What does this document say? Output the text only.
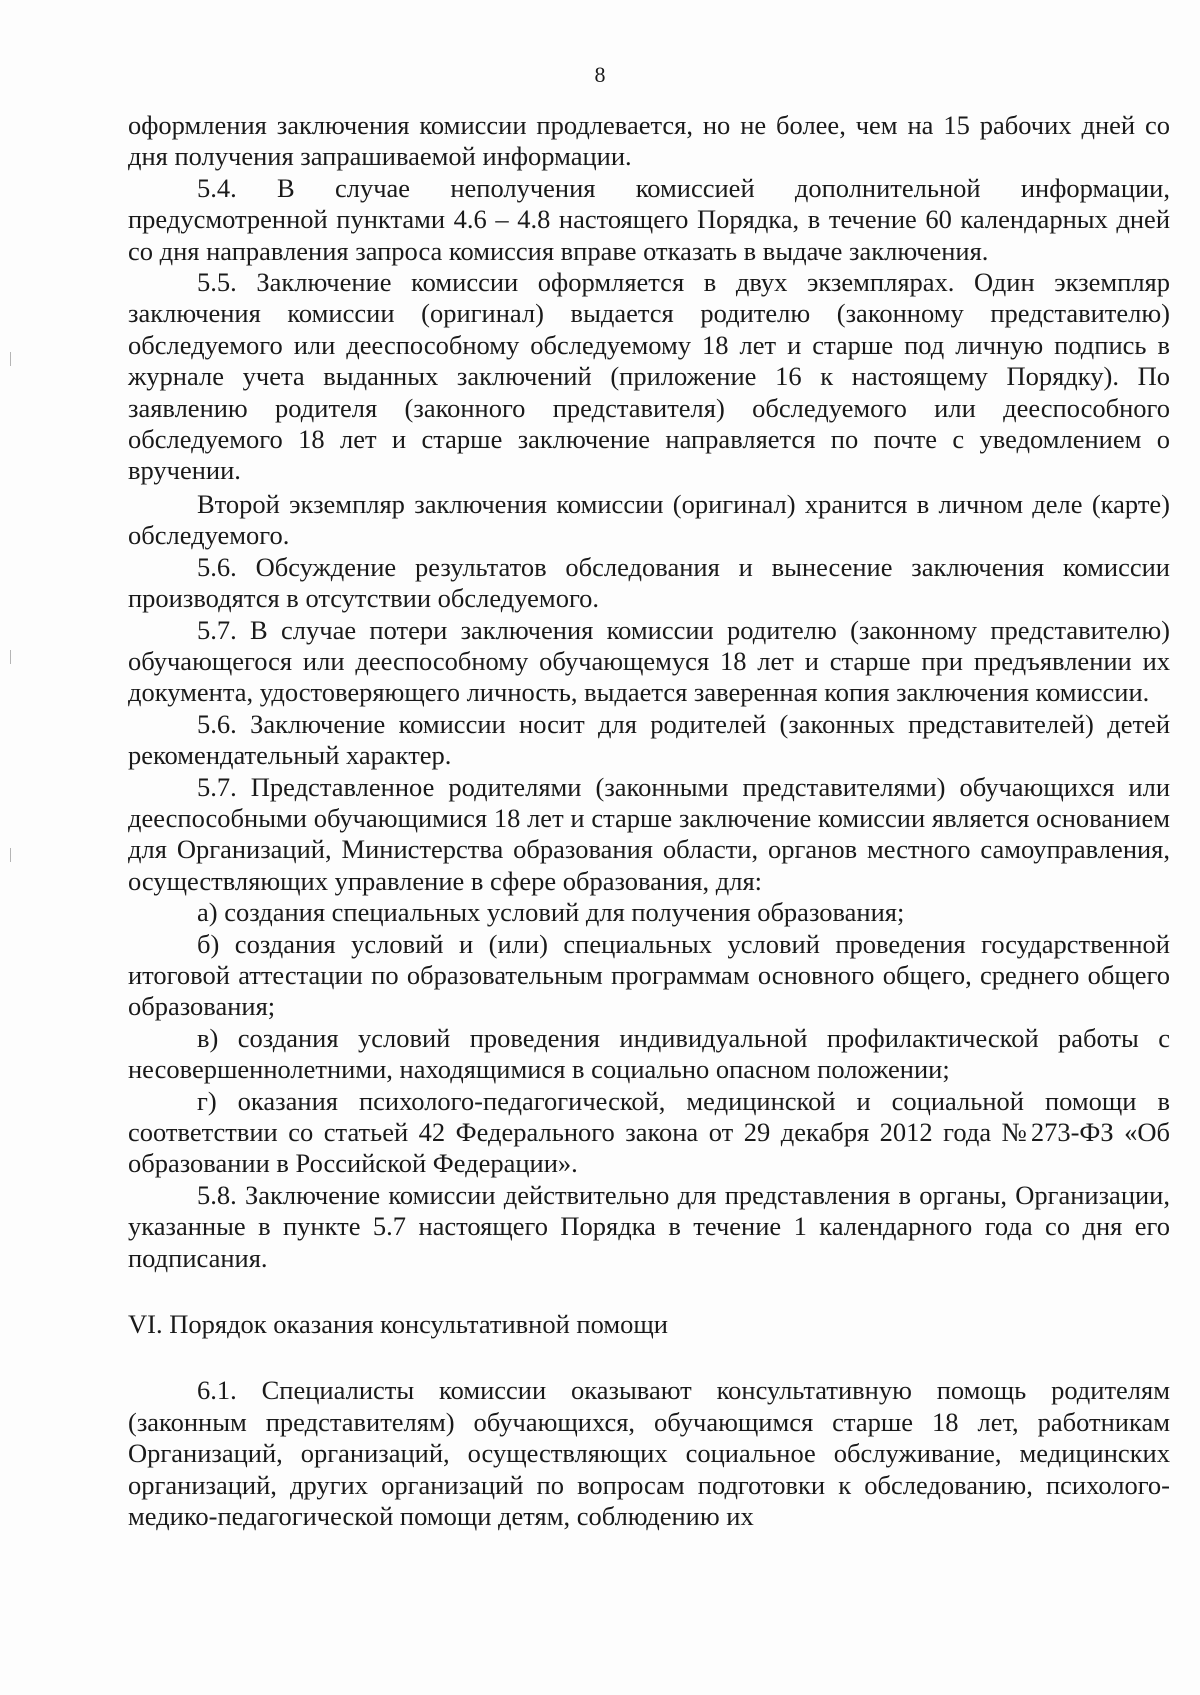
8

оформления заключения комиссии продлевается, но не более, чем на 15 рабочих дней со дня получения запрашиваемой информации.

5.4. В случае неполучения комиссией дополнительной информации, предусмотренной пунктами 4.6 – 4.8 настоящего Порядка, в течение 60 календарных дней со дня направления запроса комиссия вправе отказать в выдаче заключения.

5.5. Заключение комиссии оформляется в двух экземплярах. Один экземпляр заключения комиссии (оригинал) выдается родителю (законному представителю) обследуемого или дееспособному обследуемому 18 лет и старше под личную подпись в журнале учета выданных заключений (приложение 16 к настоящему Порядку). По заявлению родителя (законного представителя) обследуемого или дееспособного обследуемого 18 лет и старше заключение направляется по почте с уведомлением о вручении.

Второй экземпляр заключения комиссии (оригинал) хранится в личном деле (карте) обследуемого.

5.6. Обсуждение результатов обследования и вынесение заключения комиссии производятся в отсутствии обследуемого.

5.7. В случае потери заключения комиссии родителю (законному представителю) обучающегося или дееспособному обучающемуся 18 лет и старше при предъявлении их документа, удостоверяющего личность, выдается заверенная копия заключения комиссии.

5.6. Заключение комиссии носит для родителей (законных представителей) детей рекомендательный характер.

5.7. Представленное родителями (законными представителями) обучающихся или дееспособными обучающимися 18 лет и старше заключение комиссии является основанием для Организаций, Министерства образования области, органов местного самоуправления, осуществляющих управление в сфере образования, для:

а) создания специальных условий для получения образования;

б) создания условий и (или) специальных условий проведения государственной итоговой аттестации по образовательным программам основного общего, среднего общего образования;

в) создания условий проведения индивидуальной профилактической работы с несовершеннолетними, находящимися в социально опасном положении;

г) оказания психолого-педагогической, медицинской и социальной помощи в соответствии со статьей 42 Федерального закона от 29 декабря 2012 года №273-ФЗ «Об образовании в Российской Федерации».

5.8. Заключение комиссии действительно для представления в органы, Организации, указанные в пункте 5.7 настоящего Порядка в течение 1 календарного года со дня его подписания.

VI. Порядок оказания консультативной помощи

6.1. Специалисты комиссии оказывают консультативную помощь родителям (законным представителям) обучающихся, обучающимся старше 18 лет, работникам Организаций, организаций, осуществляющих социальное обслуживание, медицинских организаций, других организаций по вопросам подготовки к обследованию, психолого-медико-педагогической помощи детям, соблюдению их
